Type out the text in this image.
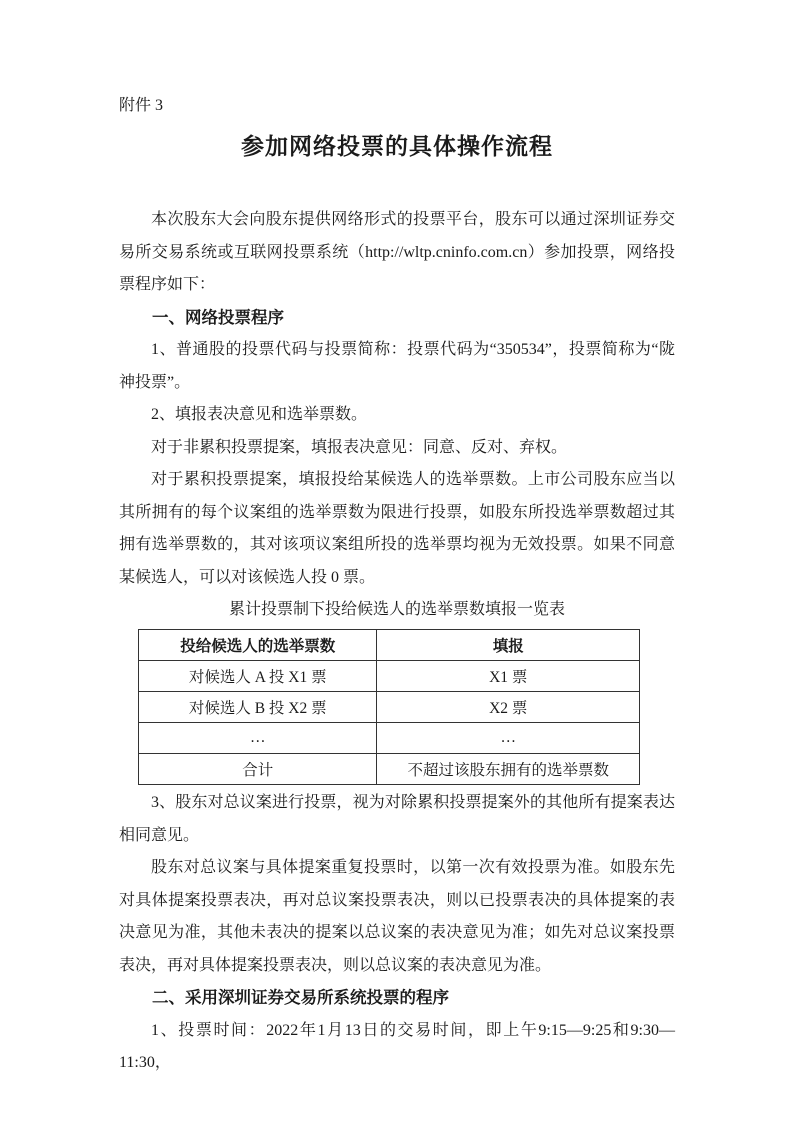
附件 3

参加网络投票的具体操作流程

本次股东大会向股东提供网络形式的投票平台，股东可以通过深圳证券交易所交易系统或互联网投票系统（http://wltp.cninfo.com.cn）参加投票，网络投票程序如下：

一、网络投票程序

1、普通股的投票代码与投票简称：投票代码为“350534”，投票简称为“陇神投票”。

2、填报表决意见和选举票数。

对于非累积投票提案，填报表决意见：同意、反对、弃权。

对于累积投票提案，填报投给某候选人的选举票数。上市公司股东应当以其所拥有的每个议案组的选举票数为限进行投票，如股东所投选举票数超过其拥有选举票数的，其对该项议案组所投的选举票均视为无效投票。如果不同意某候选人，可以对该候选人投 0 票。

累计投票制下投给候选人的选举票数填报一览表

投给候选人的选举票数	填报
对候选人 A 投 X1 票	X1 票
对候选人 B 投 X2 票	X2 票
…	…
合计	不超过该股东拥有的选举票数

3、股东对总议案进行投票，视为对除累积投票提案外的其他所有提案表达相同意见。

股东对总议案与具体提案重复投票时，以第一次有效投票为准。如股东先对具体提案投票表决，再对总议案投票表决，则以已投票表决的具体提案的表决意见为准，其他未表决的提案以总议案的表决意见为准；如先对总议案投票表决，再对具体提案投票表决，则以总议案的表决意见为准。

二、采用深圳证券交易所系统投票的程序

1、投票时间：2022年1月13日的交易时间，即上午9:15—9:25和9:30—11:30，
